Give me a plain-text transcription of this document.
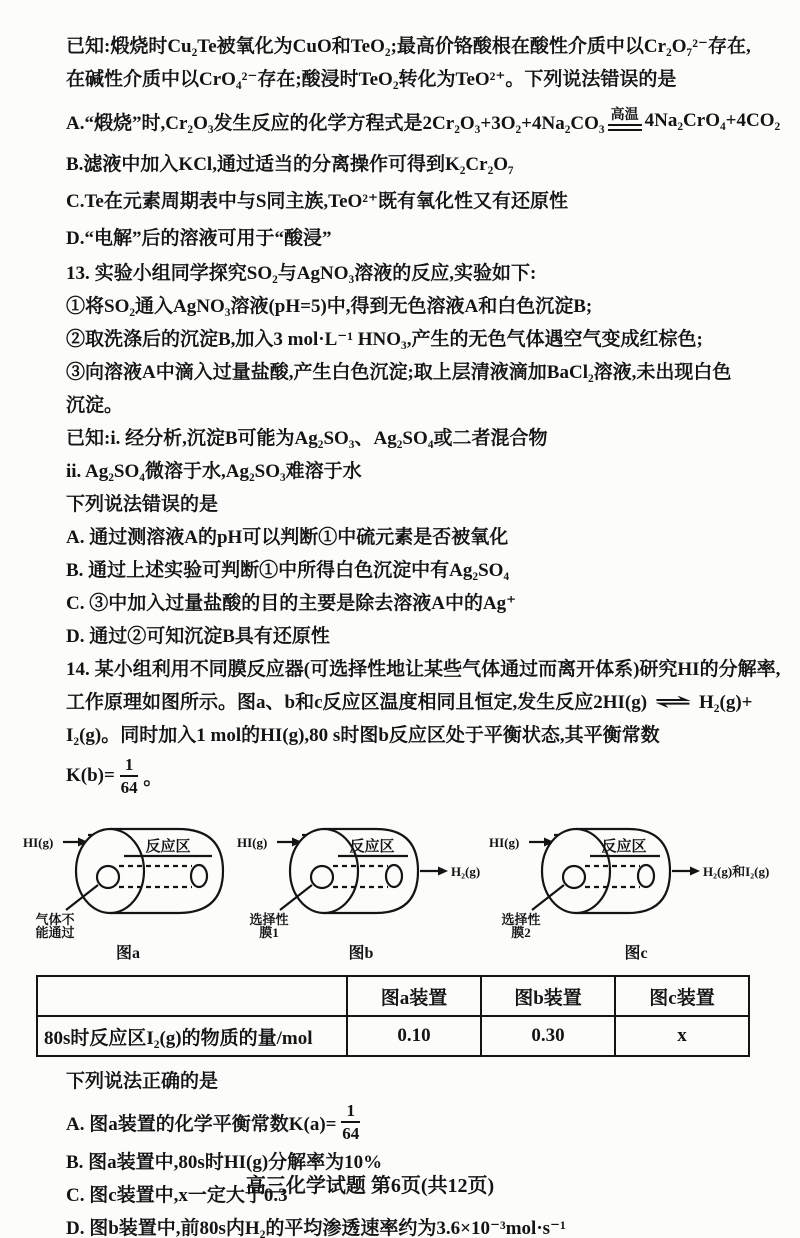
已知:煅烧时Cu₂Te被氧化为CuO和TeO₂;最高价铬酸根在酸性介质中以Cr₂O₇²⁻存在,

在碱性介质中以CrO₄²⁻存在;酸浸时TeO₂转化为TeO²⁺。下列说法错误的是

A.“煅烧”时,Cr₂O₃发生反应的化学方程式是2Cr₂O₃+3O₂+4Na₂CO₃ 高温 4Na₂CrO₄+4CO₂

B.滤液中加入KCl,通过适当的分离操作可得到K₂Cr₂O₇

C.Te在元素周期表中与S同主族,TeO²⁺既有氧化性又有还原性

D.“电解”后的溶液可用于“酸浸”

13. 实验小组同学探究SO₂与AgNO₃溶液的反应,实验如下:

①将SO₂通入AgNO₃溶液(pH=5)中,得到无色溶液A和白色沉淀B;

②取洗涤后的沉淀B,加入3 mol·L⁻¹ HNO₃,产生的无色气体遇空气变成红棕色;

③向溶液A中滴入过量盐酸,产生白色沉淀;取上层清液滴加BaCl₂溶液,未出现白色

沉淀。

已知:i. 经分析,沉淀B可能为Ag₂SO₃、Ag₂SO₄或二者混合物

ii. Ag₂SO₄微溶于水,Ag₂SO₃难溶于水

下列说法错误的是

A. 通过测溶液A的pH可以判断①中硫元素是否被氧化

B. 通过上述实验可判断①中所得白色沉淀中有Ag₂SO₄

C. ③中加入过量盐酸的目的主要是除去溶液A中的Ag⁺

D. 通过②可知沉淀B具有还原性

14. 某小组利用不同膜反应器(可选择性地让某些气体通过而离开体系)研究HI的分解率,

工作原理如图所示。图a、b和c反应区温度相同且恒定,发生反应2HI(g) ⇌ H₂(g)+

I₂(g)。同时加入1 mol的HI(g),80 s时图b反应区处于平衡状态,其平衡常数

$K(b)= \frac{1}{64}$ 。
HI(g)	反应区
气体不
能通过
图a
HI(g)	反应区
选择性
膜1
H₂(g)
图b
HI(g)	反应区
选择性
膜2
H₂(g)和I₂(g)
图c
	图a装置	图b装置	图c装置
80s时反应区I₂(g)的物质的量/mol	0.10	0.30	x

下列说法正确的是

A. 图a装置的化学平衡常数$K(a)= \frac{1}{64}$

B. 图a装置中,80s时HI(g)分解率为10%

C. 图c装置中,x一定大于0.3

D. 图b装置中,前80s内H₂的平均渗透速率约为3.6×10⁻³mol·s⁻¹

高三化学试题 第6页(共12页)
